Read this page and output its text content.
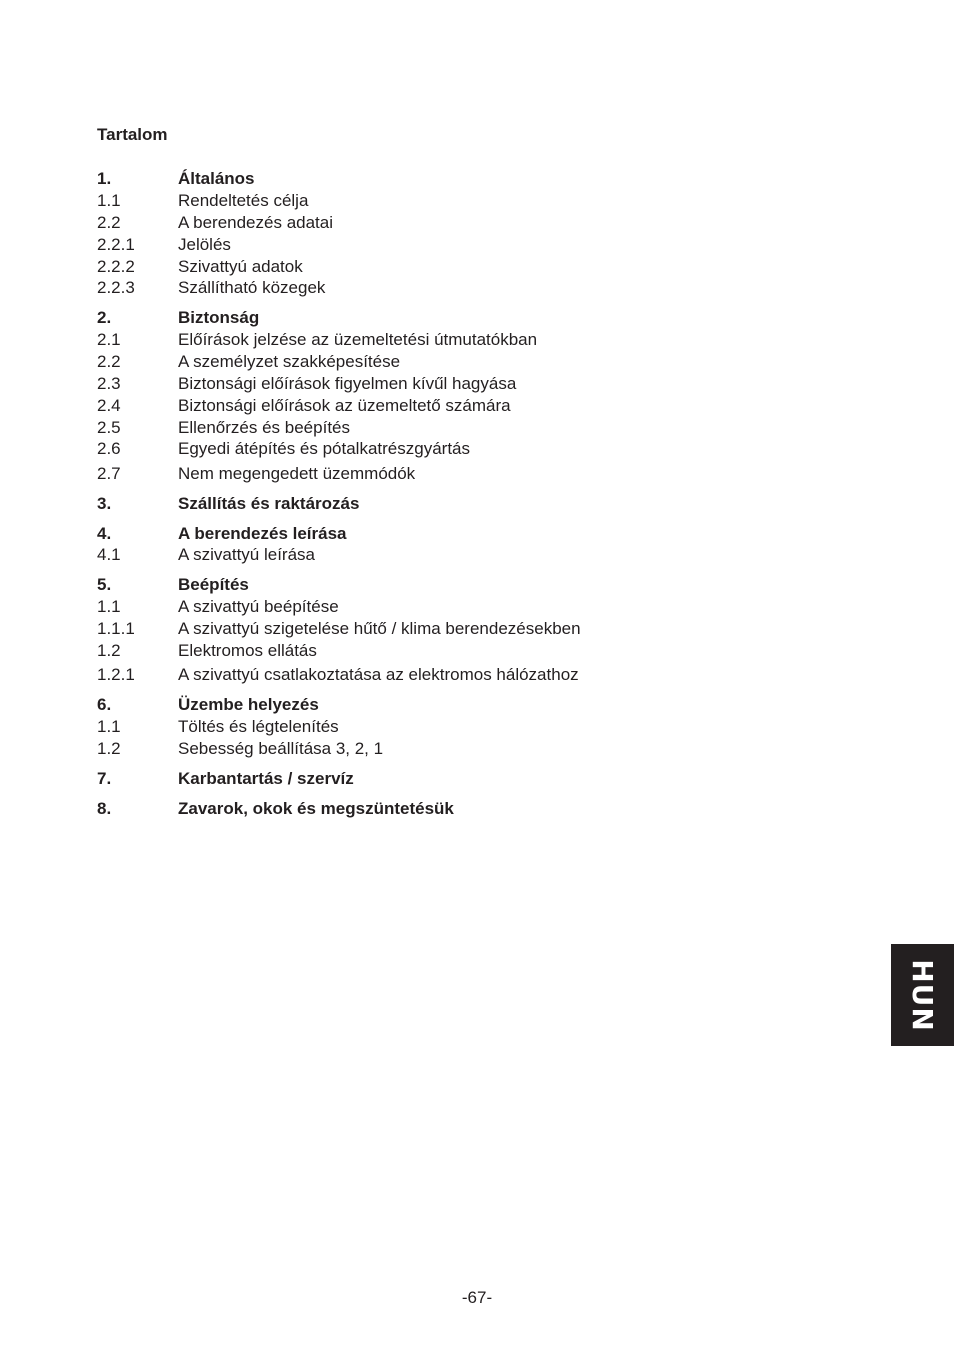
Tartalom
1.	Általános
1.1	Rendeltetés célja
2.2	A berendezés adatai
2.2.1	Jelölés
2.2.2	Szivattyú adatok
2.2.3	Szállítható közegek
2.	Biztonság
2.1	Előírások jelzése az üzemeltetési útmutatókban
2.2	A személyzet szakképesítése
2.3	Biztonsági előírások figyelmen kívűl hagyása
2.4	Biztonsági előírások az üzemeltető számára
2.5	Ellenőrzés és beépítés
2.6	Egyedi átépítés és pótalkatrészgyártás
2.7	Nem megengedett üzemmódók
3.	Szállítás és raktározás
4.	A berendezés leírása
4.1	A szivattyú leírása
5.	Beépítés
1.1	A szivattyú beépítése
1.1.1	A szivattyú szigetelése hűtő / klima berendezésekben
1.2	Elektromos ellátás
1.2.1	A szivattyú csatlakoztatása az elektromos hálózathoz
6.	Üzembe helyezés
1.1	Töltés és légtelenítés
1.2	Sebesség beállítása 3, 2, 1
7.	Karbantartás / szervíz
8.	Zavarok, okok és megszüntetésük
HUN
-67-
